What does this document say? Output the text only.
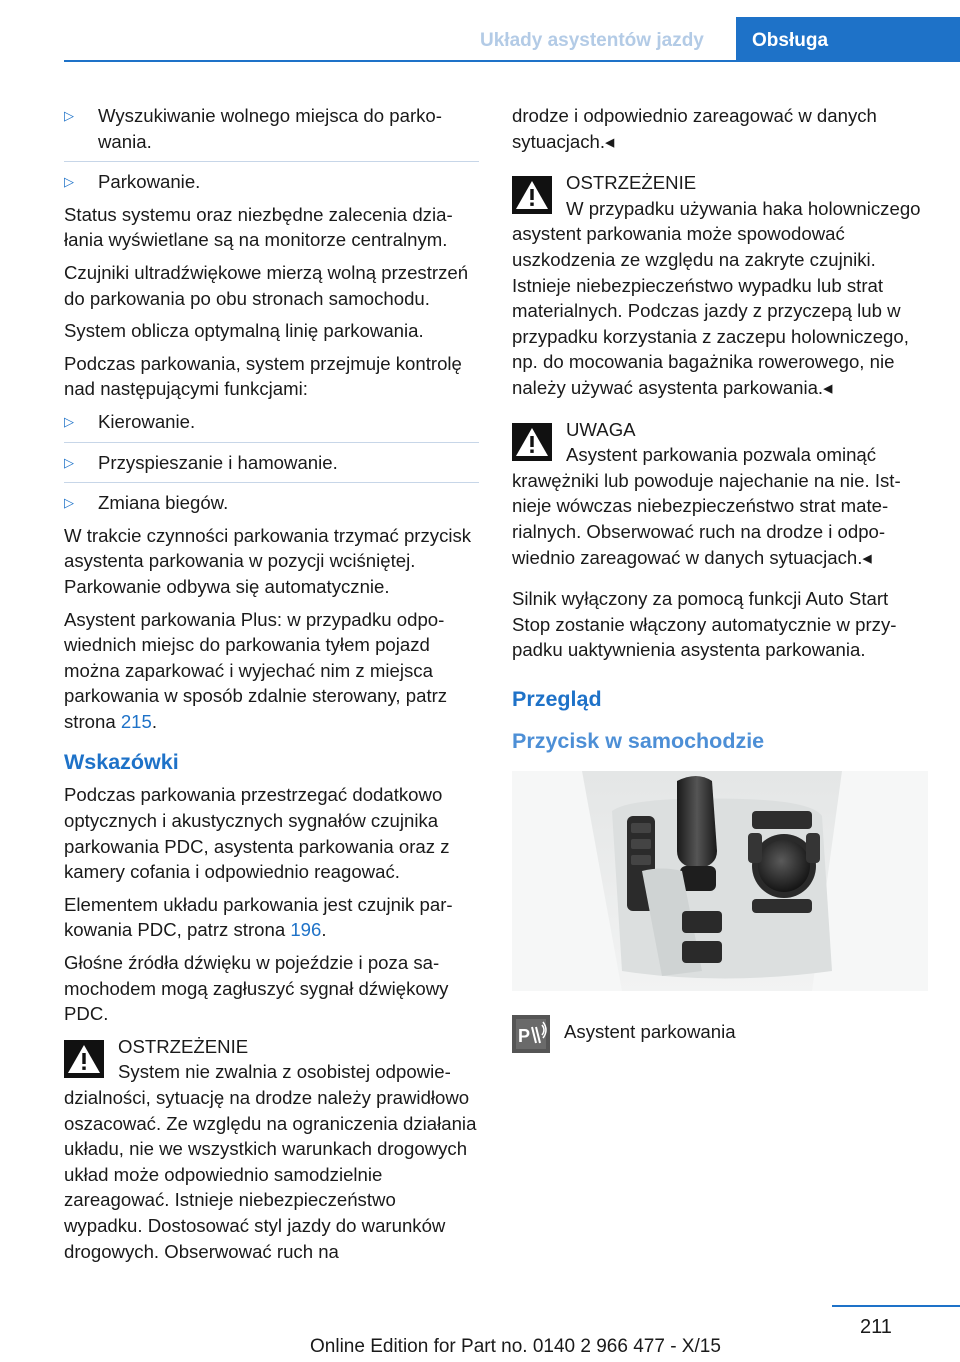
Układy asystentów jazdy	Obsługa
▷	Wyszukiwanie wolnego miejsca do parkowania.
▷	Parkowanie.

Status systemu oraz niezbędne zalecenia działania wyświetlane są na monitorze centralnym.

Czujniki ultradźwiękowe mierzą wolną przestrzeń do parkowania po obu stronach samochodu.

System oblicza optymalną linię parkowania.

Podczas parkowania, system przejmuje kontrolę nad następującymi funkcjami:

▷	Kierowanie.
▷	Przyspieszanie i hamowanie.
▷	Zmiana biegów.

W trakcie czynności parkowania trzymać przycisk asystenta parkowania w pozycji wciśniętej. Parkowanie odbywa się automatycznie.

Asystent parkowania Plus: w przypadku odpowiednich miejsc do parkowania tyłem pojazd można zaparkować i wyjechać nim z miejsca parkowania w sposób zdalnie sterowany, patrz strona 215.

Wskazówki

Podczas parkowania przestrzegać dodatkowo optycznych i akustycznych sygnałów czujnika parkowania PDC, asystenta parkowania oraz z kamery cofania i odpowiednio reagować.

Elementem układu parkowania jest czujnik parkowania PDC, patrz strona 196.

Głośne źródła dźwięku w pojeździe i poza samochodem mogą zagłuszyć sygnał dźwiękowy PDC.

OSTRZEŻENIE
System nie zwalnia z osobistej odpowiedzialności, sytuację na drodze należy prawidłowo oszacować. Ze względu na ograniczenia działania układu, nie we wszystkich warunkach drogowych układ może odpowiednio samodzielnie zareagować. Istnieje niebezpieczeństwo wypadku. Dostosować styl jazdy do warunków drogowych. Obserwować ruch na

drodze i odpowiednio zareagować w danych sytuacjach.◂

OSTRZEŻENIE
W przypadku używania haka holowniczego asystent parkowania może spowodować uszkodzenia ze względu na zakryte czujniki. Istnieje niebezpieczeństwo wypadku lub strat materialnych. Podczas jazdy z przyczepą lub w przypadku korzystania z zaczepu holowniczego, np. do mocowania bagażnika rowerowego, nie należy używać asystenta parkowania.◂
UWAGA
Asystent parkowania pozwala ominąć krawężniki lub powoduje najechanie na nie. Istnieje wówczas niebezpieczeństwo strat materialnych. Obserwować ruch na drodze i odpowiednio zareagować w danych sytuacjach.◂

Silnik wyłączony za pomocą funkcji Auto Start Stop zostanie włączony automatycznie w przypadku uaktywnienia asystenta parkowania.

Przegląd
Przycisk w samochodzie
P Asystent parkowania
211
Online Edition for Part no. 0140 2 966 477 - X/15
